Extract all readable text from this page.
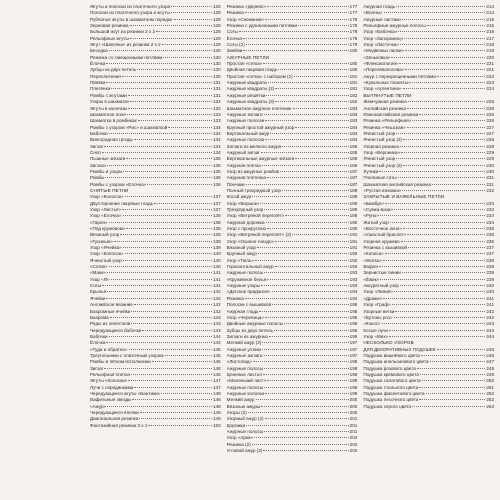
Жгуты и полоски из платочного узора	126
Полоски из платочного узора и жгуты	128
Рубчатые жгуты в шахматном порядке	128
Зерновая резинка	128
Большой жгут из резинки 2 х 2	128
Рельефные жгуты	129
Жгут «Шапочка» из резинки 2 х 2	129
Беседка	130
Резинка со смещенными петлями	130
Ёлочка	130
Зубцы из двух петель	130
Переплетения	130
Пиявка	131
Плетёнка	131
Ромбы с жгутами	131
Узоры в шахматке	132
Жгуты в косичках	132
Шахматное поле	133
Шахматка в ромбиках	133
Ромбы с узором «Рис» и шахматкой	134
Бабочки	134
Виноградная гроздь	134
Зигзаг	134
Сноп	134
Пышные зигзаги	135
Зигзаги	135
Ромбы и узоры	135
Ромбы	136
Ромбы с узором «Елочка»	136
СНЯТЫЕ ПЕТЛИ
Узор «Колосок»	137
Двусторонние лицевые гладь	137
Узор «Листья»	137
Узор «Елочка»	138
«Гарон»	138
«Под кружевом»	138
Вязаный узор	139
«Гусиные»	139
Узор «Ячейка»	139
Узор «Колосок»	140
Ячеистый узор	140
«Сотик»	140
«Маки»	141
Узор «Я»	141
Соты	141
Крылья	142
Ячейки	142
Английское вязание	142
Бахромные ячейки	142
Бахрома	143
Ряды из лепестков	143
Чередующиеся бабочки	143
Бабочки	144
Ёлочка	144
«Туда и обратно»	145
Треугольники с платочным узором	145
Ромбы в лёгком исполнении	146
Зигзаг	146
Рельефная плетка	146
Жгуты «Колоски»	147
Лучи с серединками	147
Чередующиеся жгуты «Бантики»	148
Вафельные звезды	148
«Ажур»	148
Чередующиеся ёлочки	149
Диагональная резинка	149
Фантазийная резинка 3 х 1	150
Резинка «Дерево»	177
Резинка	177
Узор «Снежинки»	178
Резинка с удлиненными петлями	178
Соты	178
Ёлочка	179
Соты (2)	179
Змейки	180
АЖУРНЫЕ ПЕТЛИ
Простая «сетка»	180
Двойная лицевая гладь	180
Простая «сетка» с набором (2)	181
Ажурные квадраты	181
Ажурные квадраты (2)	181
Ажурные решётки	182
Ажурные квадраты (3)	182
Шахматное ажурное плетение	183
Ажурные зигзаги	183
Ажурные полоски	183
Крупный простой ажурный узор	184
Вертикальный ажур	184
Ажурные полоски	184
Зигзаги из мелкого ажура	185
Ажурный зигзаг	185
Вертикальные ажурные зигзаги	186
Ажурная плетка	186
Узор из ажурных ромбов	187
Ажурная плетенка	187
Пончики	187
Полный трехрядный узор	188
Косой ажур	188
Узор «Вершок»	189
Трехрядный узор	189
Узор «Ветряной переплёт»	189
Ажурная дорожка	190
Узор с прокруткою	190
Узор «Ветряной переплёт» (2)	191
Узор «Осиное гнездо»	191
Вязаный узор	191
Крупный ажур	192
Узор «Тюль»	192
Горизонтальный ажур	192
Ажурные полосы	193
«Кружевное белье»	193
Ажурные узоры	194
«Детское приданое»	194
Резинка	194
Полоски с вышивкой	195
Ажурная гладь	195
Узор «Черепица»	195
Двойные ажурные полосы	196
Зубцы из двух петель	196
Зигзаги из ажурных	196
Мелкий ажур (2)	197
Ажурные уголки	197
Ажурные зигзаги	197
«Листопад»	198
Ажурные полосы	198
Длинные листья	198
«Маленький лист»	199
Ажурные полосы	199
Ажурные колоски	199
Мелкий ажур	200
Вязаные ажуры	200
Узоры (2)	200
Узорный ажур (2)	201
Дорожка	201
Ажурные полосы	201
Узор «Арки»	202
Резинка (2)	202
Угловой ажур (2)	202
Ажурная гладь	214
«Волны»	214
Ажурные листики	215
Рельефные ажурные полосы	215
Узор «Бабочка»	216
Узор «Запорожец»	217
Узор «Ласточка»	218
«Медвежьи лапки»	219
«Зеньковка»	220
«Флексиология»	221
«Перелёвопосева»	221
Ажур с перекрещенными петлями	222
«Кукольные планеты»	223
Узор «Аргентина»	224
ВЫТЯНУТЫЕ ПЕТЛИ
Жемчужная резинка	225
Английская резинка	226
Южноанглийская резинка	226
Резинка «Рельефная»	226
Резинка «Чешская»	227
Ячеистый узор	227
Ячеистый узор (2)	228
Узорная резинка	228
Узор «Вероника»	229
Ячеистый узор	229
Ячеистый узор (3)	230
Лучики	230
Пчелиные соты	231
Шахматная английская резинка	231
«Рустая изнанка»	232
ЗАКРЫТЫЕ И ВАФЕЛЬНЫЕ ПЕТЛИ
«Бамбук»	233
«Сумка-ваза»	233
«Руно»	234
Жатый узор	234
«Восточное окно»	235
«Ушастый браслет»	236
Узорное кружево	236
Резинка с вышивкой	237
«Колеса»	237
«Жатка»	238
Вафли	238
Зернистые линии	239
«Ёжик»	239
Аккуратный узор	240
Узор «Лилия»	240
«Драже»	241
Узор «Граф»	241
Узорные ветки	242
«Бутоны роз»	242
«Кокос»	243
Косые лучи	243
Узор «Мех»	244
НЕСКОЛЬКО УЗОРОВ
ДЛЯ ДЕКОРАТИВНЫХ ПОДУШЕК	246
Подушка вишнёвого цвета	246
Подушка апельсинового цвета	247
Подушка розового цвета	248
Подушка кремового цвета	249
Подушка салатового цвета	250
Подушка стального цвета	251
Подушка фиолетового цвета	252
Подушка песочного цвета	252
Подушка серого цвета	253
